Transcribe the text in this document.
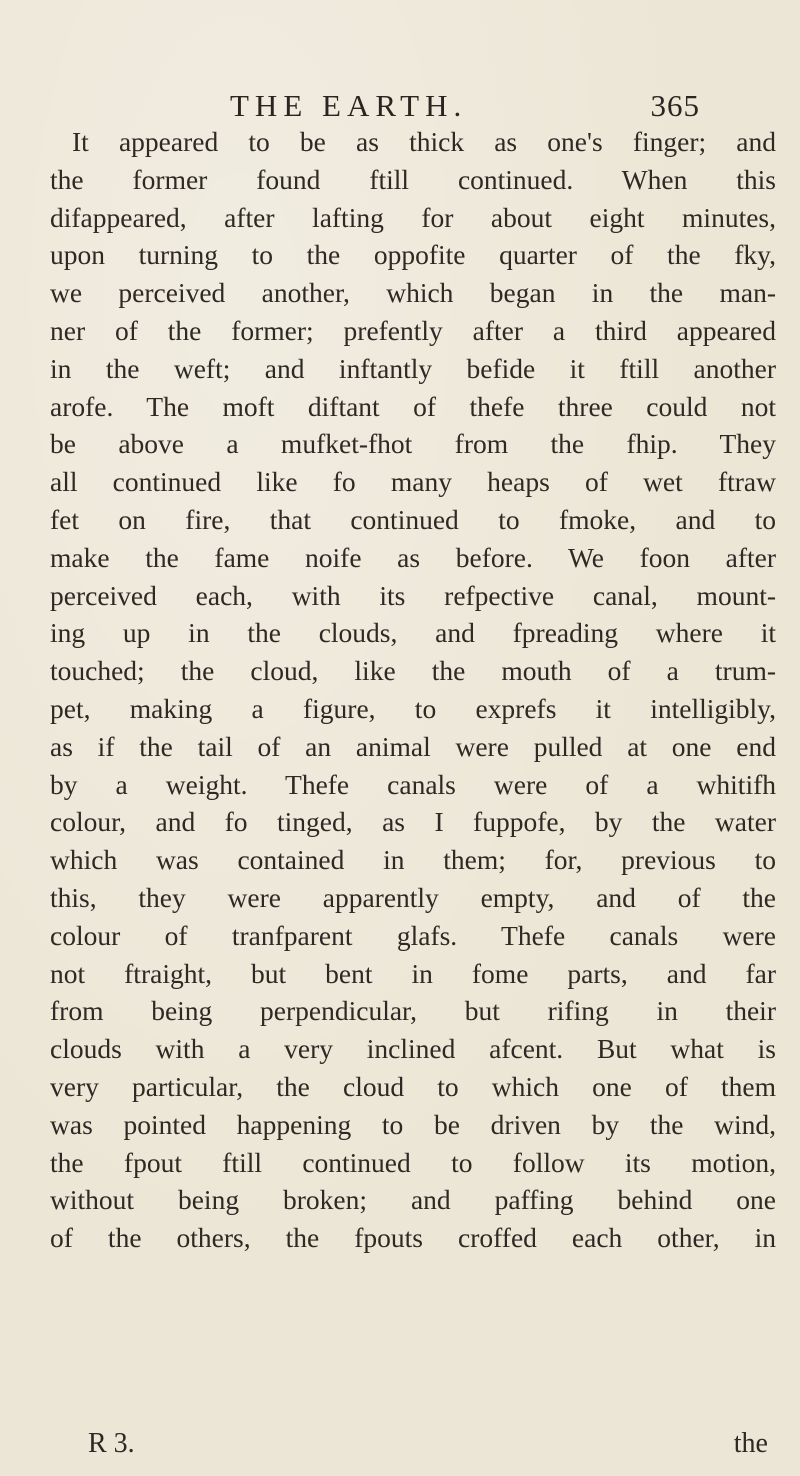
THE EARTH.	365
It appeared to be as thick as one's finger; and
the former found ftill continued. When this
difappeared, after lafting for about eight minutes,
upon turning to the oppofite quarter of the fky,
we perceived another, which began in the man-
ner of the former; prefently after a third appeared
in the weft; and inftantly befide it ftill another
arofe. The moft diftant of thefe three could not
be above a mufket-fhot from the fhip. They
all continued like fo many heaps of wet ftraw
fet on fire, that continued to fmoke, and to
make the fame noife as before. We foon after
perceived each, with its refpective canal, mount-
ing up in the clouds, and fpreading where it
touched; the cloud, like the mouth of a trum-
pet, making a figure, to exprefs it intelligibly,
as if the tail of an animal were pulled at one end
by a weight. Thefe canals were of a whitifh
colour, and fo tinged, as I fuppofe, by the water
which was contained in them; for, previous to
this, they were apparently empty, and of the
colour of tranfparent glafs. Thefe canals were
not ftraight, but bent in fome parts, and far
from being perpendicular, but rifing in their
clouds with a very inclined afcent. But what is
very particular, the cloud to which one of them
was pointed happening to be driven by the wind,
the fpout ftill continued to follow its motion,
without being broken; and paffing behind one
of the others, the fpouts croffed each other, in
R 3.	the
